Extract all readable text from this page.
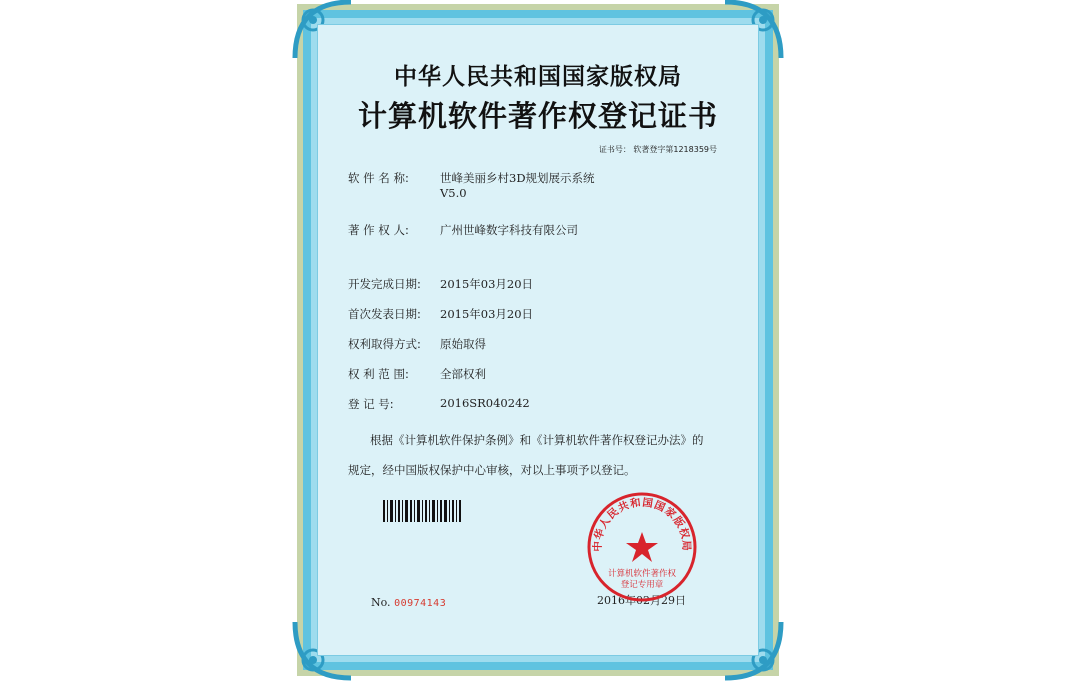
中华人民共和国国家版权局
计算机软件著作权登记证书
证书号： 软著登字第1218359号
软 件 名 称:	世峰美丽乡村3D规划展示系统
V5.0
著 作 权 人:	广州世峰数字科技有限公司
开发完成日期:	2015年03月20日
首次发表日期:	2015年03月20日
权利取得方式:	原始取得
权 利 范 围:	全部权利
登 记 号:	2016SR040242
根据《计算机软件保护条例》和《计算机软件著作权登记办法》的
规定，经中国版权保护中心审核，对以上事项予以登记。
No. 00974143	2016年02月29日
中华人民共和国国家版权局
计算机软件著作权
登记专用章
